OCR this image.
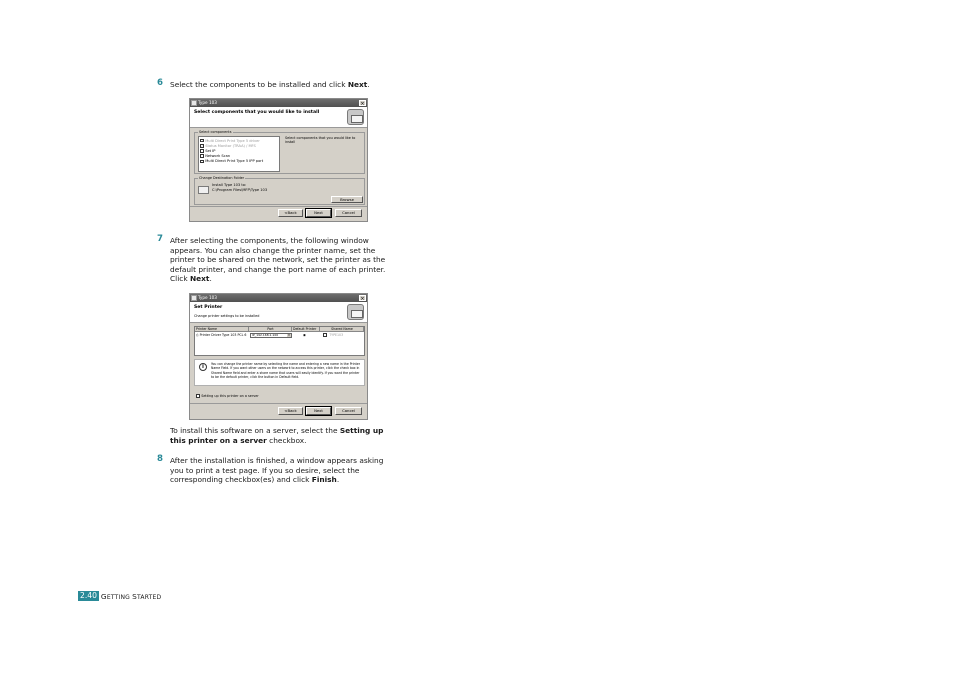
6 Select the components to be installed and click Next.
Type 103	×
Select components that you would like to install
Select components
✓ Multi Direct Print Type 5 driver
✓ Status Monitor (TRAA) / MFS
Set IP
Network Scan
Multi Direct Print Type 5 IPP port
Select components that you would like to install
Change Destination Folder
Install Type 103 to:
C:\Program Files\MFP\Type 103
Browse
<Back	Next	Cancel
7 After selecting the components, the following window appears. You can also change the printer name, set the printer to be shared on the network, set the printer as the default printer, and change the port name of each printer. Click Next.
Type 103	×
Set Printer
Change printer settings to be installed
Printer Name	Port	Default Printer	Shared Name
⎙ Printer Driver Type 103 PCL 6	IP_192.168.1.100	▾	◉	TYPE103
i	You can change the printer name by selecting the name and entering a new name in the Printer Name Field. If you want other users on the network to access this printer, click the check box in Shared Name field and enter a share name that users will easily identify. If you want the printer to be the default printer, click the button in Default field.
Setting up this printer on a server
<Back	Next	Cancel
To install this software on a server, select the Setting up this printer on a server checkbox.
8 After the installation is finished, a window appears asking you to print a test page. If you so desire, select the corresponding checkbox(es) and click Finish.
2.40 GETTING STARTED
